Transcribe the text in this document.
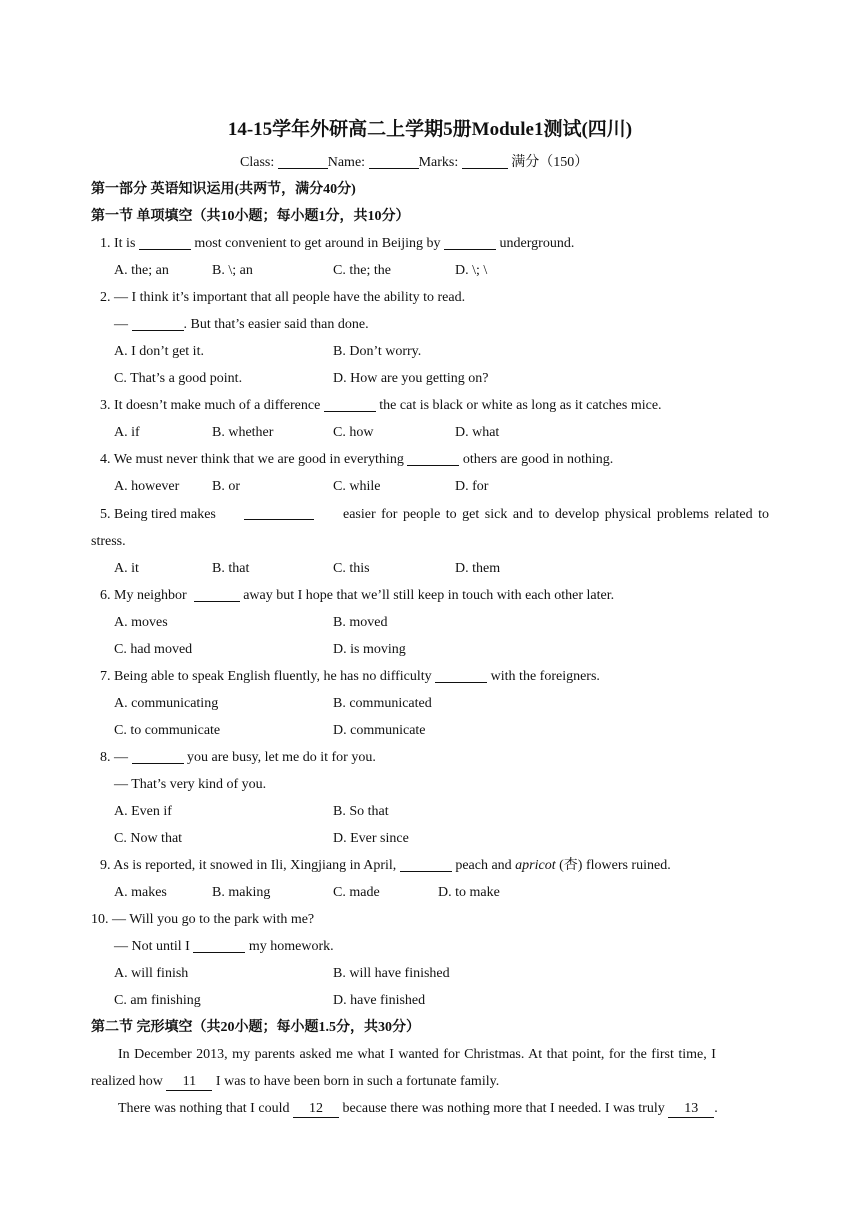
14-15学年外研高二上学期5册Module1测试(四川)
Class:	Name:	Marks:	满分（150）
第一部分 英语知识运用(共两节，满分40分)
第一节 单项填空（共10小题；每小题1分，共10分）
1. It is	most convenient to get around in Beijing by	underground.
A. the; an	B. \; an	C. the; the	D. \; \
2. — I think it’s important that all people have the ability to read.
—	. But that’s easier said than done.
A. I don’t get it.	B. Don’t worry.
C. That’s a good point.	D. How are you getting on?
3. It doesn’t make much of a difference	the cat is black or white as long as it catches mice.
A. if	B. whether	C. how	D. what
4. We must never think that we are good in everything	others are good in nothing.
A. however B. or	C. while	D. for
5. Being tired makes	easier for people to get sick and to develop physical problems related to
stress.
A. it	B. that	C. this	D. them
6. My neighbor	away but I hope that we’ll still keep in touch with each other later.
A. moves	B. moved
C. had moved	D. is moving
7. Being able to speak English fluently, he has no difficulty	with the foreigners.
A. communicating	B. communicated
C. to communicate	D. communicate
8. —	you are busy, let me do it for you.
— That’s very kind of you.
A. Even if	B. So that
C. Now that	D. Ever since
9. As is reported, it snowed in Ili, Xingjiang in April,	peach and apricot (杏) flowers ruined.
A. makes	B. making	C. made	D. to make
10. — Will you go to the park with me?
— Not until I	my homework.
A. will finish	B. will have finished
C. am finishing	D. have finished
第二节 完形填空（共20小题；每小题1.5分，共30分）
In December 2013, my parents asked me what I wanted for Christmas. At that point, for the first time, I
realized how 11 I was to have been born in such a fortunate family.
There was nothing that I could 12 because there was nothing more that I needed. I was truly 13 .
